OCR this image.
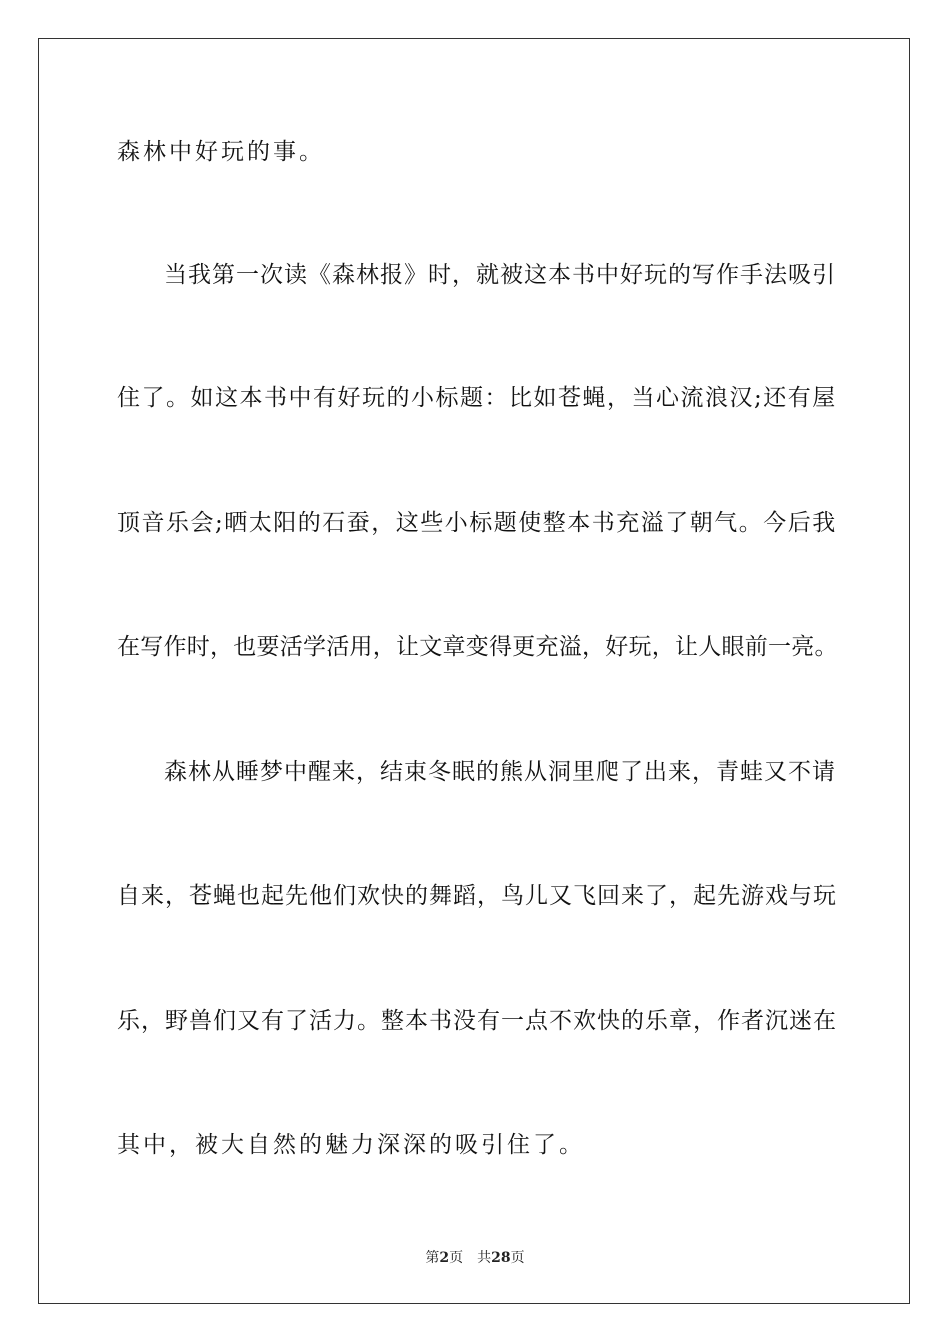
森林中好玩的事。
当我第一次读《森林报》时，就被这本书中好玩的写作手法吸引
住了。如这本书中有好玩的小标题：比如苍蝇，当心流浪汉;还有屋
顶音乐会;晒太阳的石蚕，这些小标题使整本书充溢了朝气。今后我
在写作时，也要活学活用，让文章变得更充溢，好玩，让人眼前一亮。
森林从睡梦中醒来，结束冬眠的熊从洞里爬了出来，青蛙又不请
自来，苍蝇也起先他们欢快的舞蹈，鸟儿又飞回来了，起先游戏与玩
乐，野兽们又有了活力。整本书没有一点不欢快的乐章，作者沉迷在
其中，被大自然的魅力深深的吸引住了。
第2页 共28页
